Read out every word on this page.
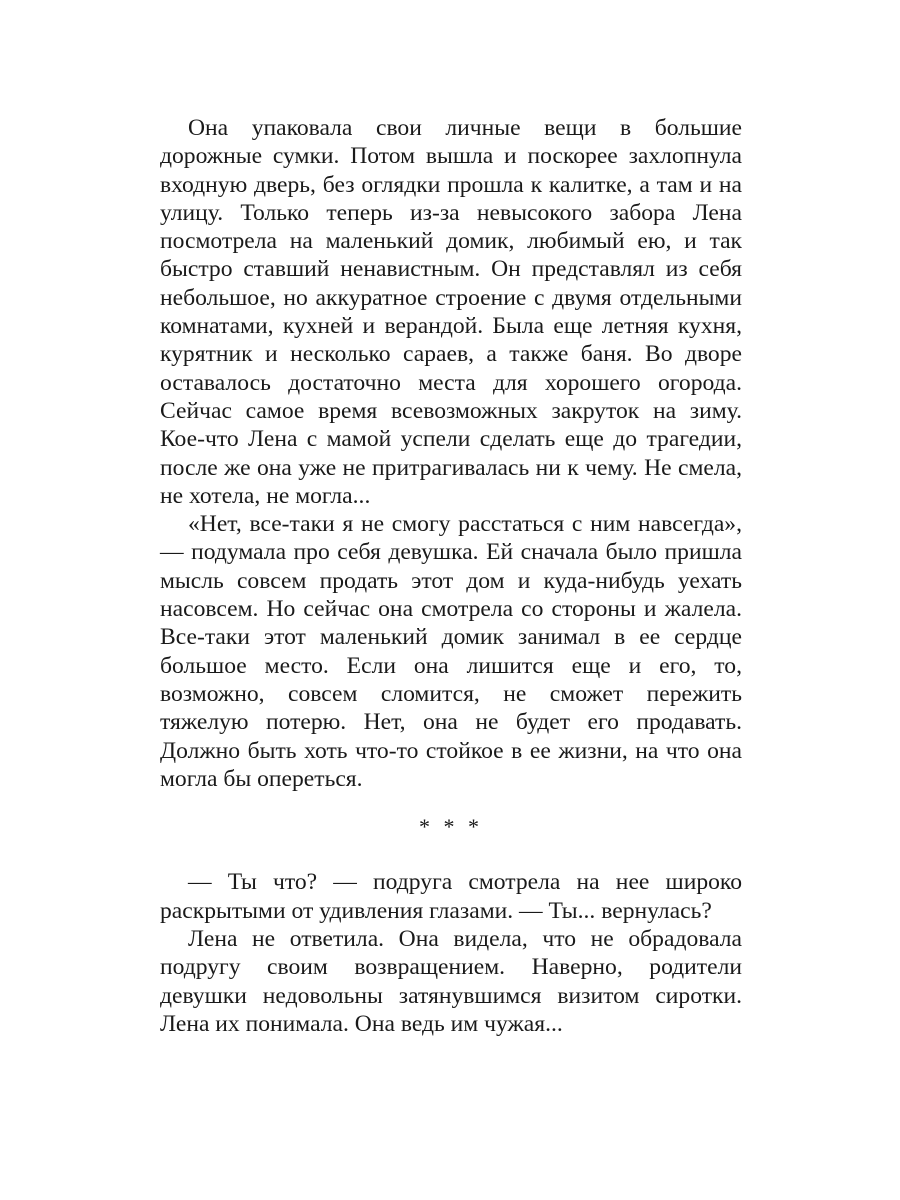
Она упаковала свои личные вещи в большие дорожные сумки. Потом вышла и поскорее захлопнула входную дверь, без оглядки прошла к калитке, а там и на улицу. Только теперь из-за невысокого забора Лена посмотрела на маленький домик, любимый ею, и так быстро ставший ненавистным. Он представлял из себя небольшое, но аккуратное строение с двумя отдельными комнатами, кухней и верандой. Была еще летняя кухня, курятник и несколько сараев, а также баня. Во дворе оставалось достаточно места для хорошего огорода. Сейчас самое время всевозможных закруток на зиму. Кое-что Лена с мамой успели сделать еще до трагедии, после же она уже не притрагивалась ни к чему. Не смела, не хотела, не могла...

«Нет, все-таки я не смогу расстаться с ним навсегда», — подумала про себя девушка. Ей сначала было пришла мысль совсем продать этот дом и куда-нибудь уехать насовсем. Но сейчас она смотрела со стороны и жалела. Все-таки этот маленький домик занимал в ее сердце большое место. Если она лишится еще и его, то, возможно, совсем сломится, не сможет пережить тяжелую потерю. Нет, она не будет его продавать. Должно быть хоть что-то стойкое в ее жизни, на что она могла бы опереться.

* * *

— Ты что? — подруга смотрела на нее широко раскрытыми от удивления глазами. — Ты... вернулась?

Лена не ответила. Она видела, что не обрадовала подругу своим возвращением. Наверно, родители девушки недовольны затянувшимся визитом сиротки. Лена их понимала. Она ведь им чужая...
